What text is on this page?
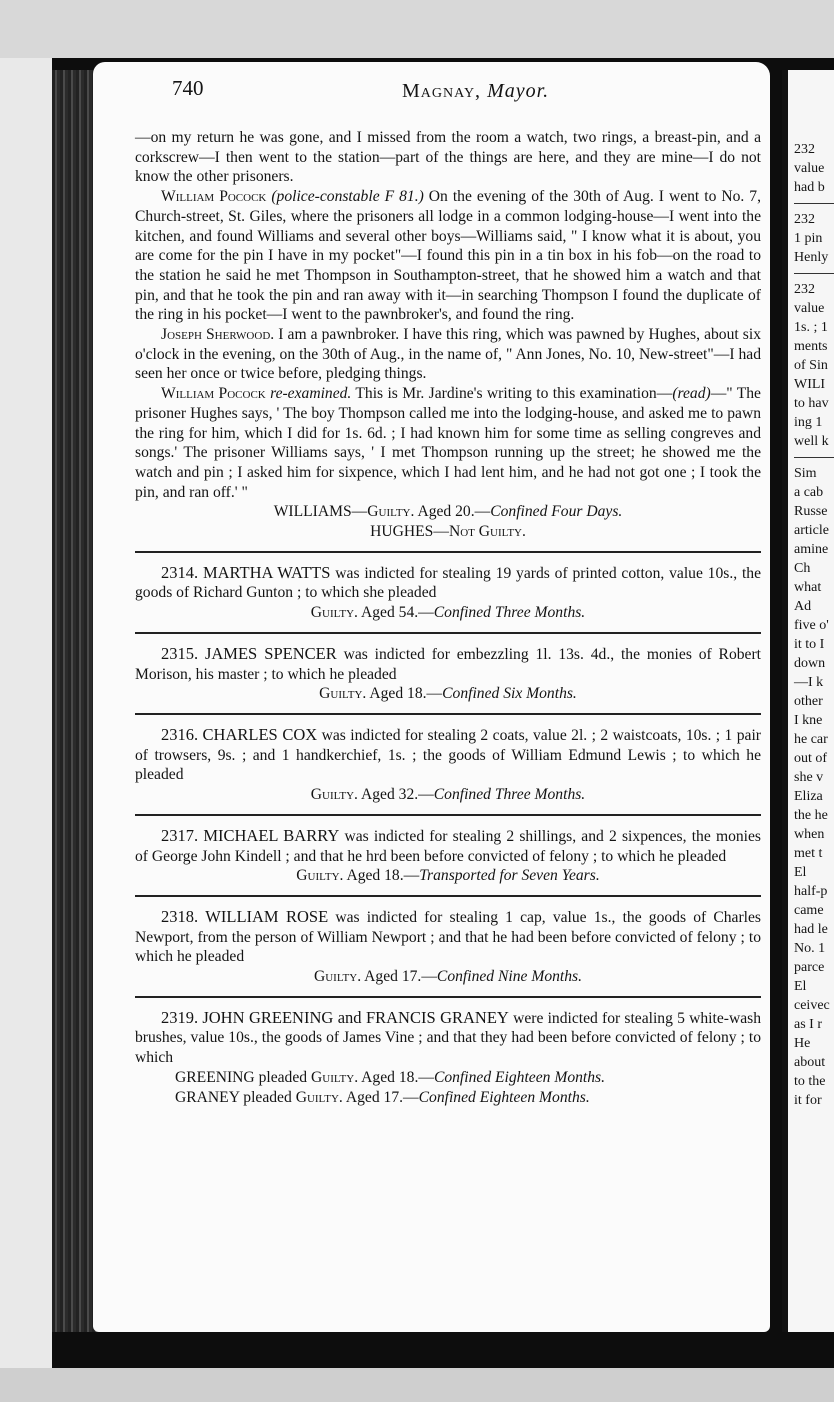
740	Magnay, Mayor.

—on my return he was gone, and I missed from the room a watch, two rings, a breast-pin, and a corkscrew—I then went to the station—part of the things are here, and they are mine—I do not know the other prisoners.

William Pocock (police-constable F 81.) On the evening of the 30th of Aug. I went to No. 7, Church-street, St. Giles, where the prisoners all lodge in a common lodging-house—I went into the kitchen, and found Williams and several other boys—Williams said, " I know what it is about, you are come for the pin I have in my pocket"—I found this pin in a tin box in his fob—on the road to the station he said he met Thompson in Southampton-street, that he showed him a watch and that pin, and that he took the pin and ran away with it—in searching Thompson I found the duplicate of the ring in his pocket—I went to the pawnbroker's, and found the ring.

Joseph Sherwood. I am a pawnbroker. I have this ring, which was pawned by Hughes, about six o'clock in the evening, on the 30th of Aug., in the name of, " Ann Jones, No. 10, New-street"—I had seen her once or twice before, pledging things.

William Pocock re-examined. This is Mr. Jardine's writing to this examination—(read)—" The prisoner Hughes says, ' The boy Thompson called me into the lodging-house, and asked me to pawn the ring for him, which I did for 1s. 6d. ; I had known him for some time as selling congreves and songs.' The prisoner Williams says, ' I met Thompson running up the street; he showed me the watch and pin ; I asked him for sixpence, which I had lent him, and he had not got one ; I took the pin, and ran off.' "

WILLIAMS—Guilty. Aged 20.—Confined Four Days.

HUGHES—Not Guilty.

2314. MARTHA WATTS was indicted for stealing 19 yards of printed cotton, value 10s., the goods of Richard Gunton ; to which she pleaded

Guilty. Aged 54.—Confined Three Months.

2315. JAMES SPENCER was indicted for embezzling 1l. 13s. 4d., the monies of Robert Morison, his master ; to which he pleaded

Guilty. Aged 18.—Confined Six Months.

2316. CHARLES COX was indicted for stealing 2 coats, value 2l. ; 2 waistcoats, 10s. ; 1 pair of trowsers, 9s. ; and 1 handkerchief, 1s. ; the goods of William Edmund Lewis ; to which he pleaded

Guilty. Aged 32.—Confined Three Months.

2317. MICHAEL BARRY was indicted for stealing 2 shillings, and 2 sixpences, the monies of George John Kindell ; and that he hrd been before convicted of felony ; to which he pleaded

Guilty. Aged 18.—Transported for Seven Years.

2318. WILLIAM ROSE was indicted for stealing 1 cap, value 1s., the goods of Charles Newport, from the person of William Newport ; and that he had been before convicted of felony ; to which he pleaded

Guilty. Aged 17.—Confined Nine Months.

2319. JOHN GREENING and FRANCIS GRANEY were indicted for stealing 5 white-wash brushes, value 10s., the goods of James Vine ; and that they had been before convicted of felony ; to which

GREENING pleaded Guilty. Aged 18.—Confined Eighteen Months.

GRANEY pleaded Guilty. Aged 17.—Confined Eighteen Months.

232
value
had b
232
1 pin
Henly
232
value
1s. ; 1
ments
of Sin
WILI
to hav
ing 1
well k
Sim
a cab
Russe
article
amine
Ch
what
Ad
five o'
it to I
down
—I k
other
I kne
he car
out of
she v
Eliza
the he
when
met t
El
half-p
came
had le
No. 1
parce
El
ceivec
as I r
He
about
to the
it for
